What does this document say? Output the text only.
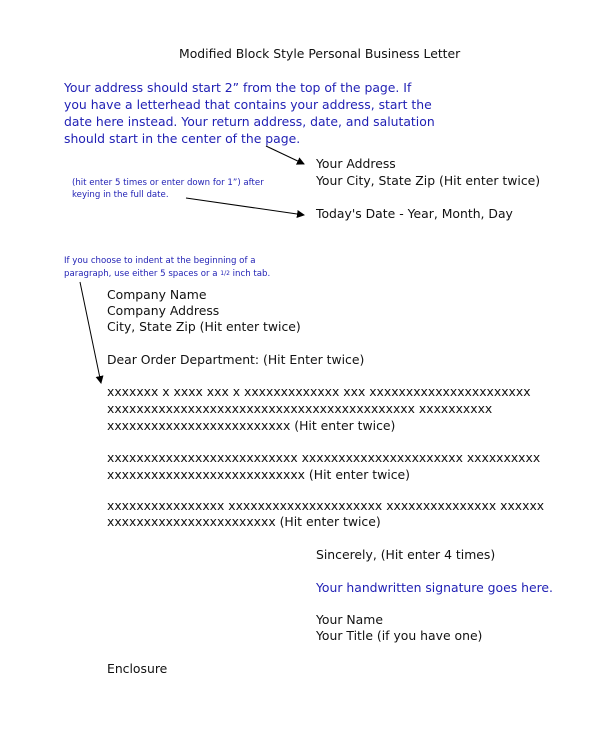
Modified Block Style Personal Business Letter
Your address should start 2” from the top of the page. If
you have a letterhead that contains your address, start the
date here instead. Your return address, date, and salutation
should start in the center of the page.
Your Address
Your City, State Zip (Hit enter twice)
(hit enter 5 times or enter down for 1”) after
keying in the full date.
Today's Date - Year, Month, Day
If you choose to indent at the beginning of a
paragraph, use either 5 spaces or a 1/2 inch tab.
Company Name
Company Address
City, State Zip (Hit enter twice)
Dear Order Department: (Hit Enter twice)
xxxxxxx x xxxx xxx x xxxxxxxxxxxxx xxx xxxxxxxxxxxxxxxxxxxxxx
xxxxxxxxxxxxxxxxxxxxxxxxxxxxxxxxxxxxxxxxxx xxxxxxxxxx
xxxxxxxxxxxxxxxxxxxxxxxxx (Hit enter twice)
xxxxxxxxxxxxxxxxxxxxxxxxxx xxxxxxxxxxxxxxxxxxxxxx xxxxxxxxxx
xxxxxxxxxxxxxxxxxxxxxxxxxxx (Hit enter twice)
xxxxxxxxxxxxxxxx xxxxxxxxxxxxxxxxxxxxx xxxxxxxxxxxxxxx xxxxxx
xxxxxxxxxxxxxxxxxxxxxxx (Hit enter twice)
Sincerely, (Hit enter 4 times)
Your handwritten signature goes here.
Your Name
Your Title (if you have one)
Enclosure
